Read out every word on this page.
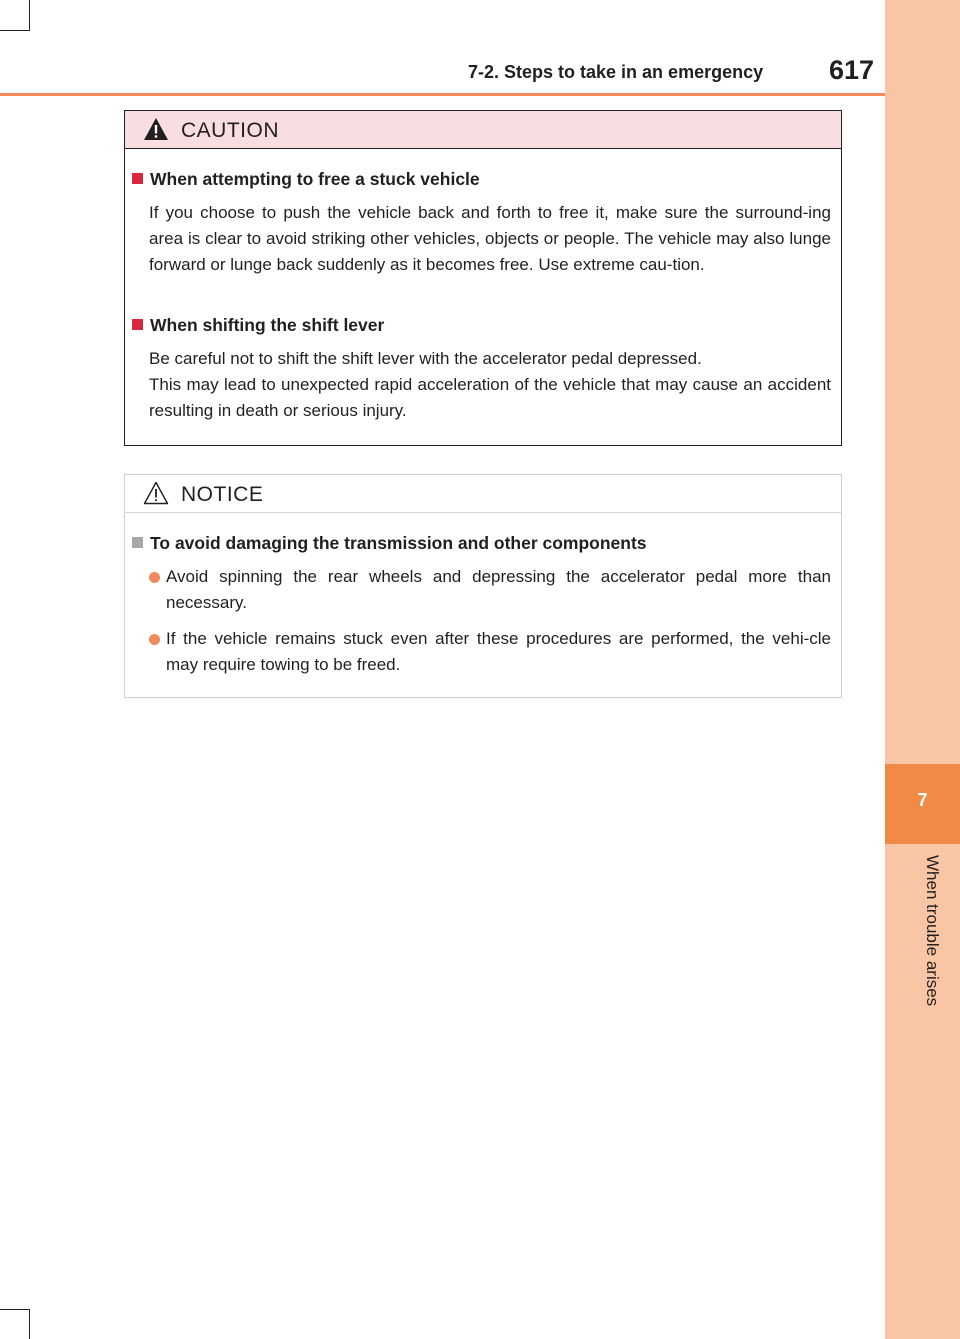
7
When trouble arises
7-2. Steps to take in an emergency 617
CAUTION
When attempting to free a stuck vehicle
If you choose to push the vehicle back and forth to free it, make sure the surround-ing area is clear to avoid striking other vehicles, objects or people. The vehicle may also lunge forward or lunge back suddenly as it becomes free. Use extreme cau-tion.
When shifting the shift lever
Be careful not to shift the shift lever with the accelerator pedal depressed.
This may lead to unexpected rapid acceleration of the vehicle that may cause an accident resulting in death or serious injury.
NOTICE
To avoid damaging the transmission and other components
Avoid spinning the rear wheels and depressing the accelerator pedal more than necessary.
If the vehicle remains stuck even after these procedures are performed, the vehi-cle may require towing to be freed.
